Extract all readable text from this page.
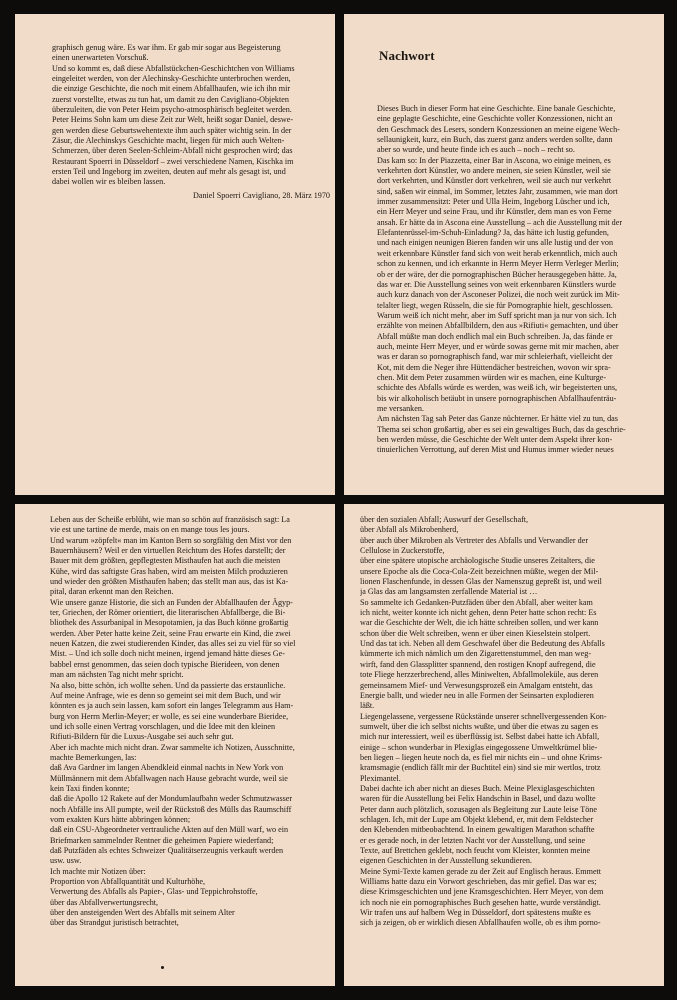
graphisch genug wäre. Es war ihm. Er gab mir sogar aus Begeisterung
einen unerwarteten Vorschuß.

Und so kommt es, daß diese Abfallstückchen-Geschichtchen von Williams
eingeleitet werden, von der Alechinsky-Geschichte unterbrochen werden,
die einzige Geschichte, die noch mit einem Abfallhaufen, wie ich ihn mir
zuerst vorstellte, etwas zu tun hat, um damit zu den Cavigliano-Objekten
überzuleiten, die von Peter Heim psycho-atmosphärisch begleitet werden.

Peter Heims Sohn kam um diese Zeit zur Welt, heißt sogar Daniel, deswe-
gen werden diese Geburtswehentexte ihm auch später wichtig sein. In der
Zäsur, die Alechinskys Geschichte macht, liegen für mich auch Welten-
Schmerzen, über deren Seelen-Schleim-Abfall nicht gesprochen wird; das
Restaurant Spoerri in Düsseldorf – zwei verschiedene Namen, Kischka im
ersten Teil und Ingeborg im zweiten, deuten auf mehr als gesagt ist, und
dabei wollen wir es bleiben lassen.

Daniel Spoerri Cavigliano, 28. März 1970
Nachwort

Dieses Buch in dieser Form hat eine Geschichte. Eine banale Geschichte,
eine geplagte Geschichte, eine Geschichte voller Konzessionen, nicht an
den Geschmack des Lesers, sondern Konzessionen an meine eigene Wech-
sellaunigkeit, kurz, ein Buch, das zuerst ganz anders werden sollte, dann
aber so wurde, und heute finde ich es auch – noch – recht so.

Das kam so: In der Piazzetta, einer Bar in Ascona, wo einige meinen, es
verkehrten dort Künstler, wo andere meinen, sie seien Künstler, weil sie
dort verkehrten, und Künstler dort verkehren, weil sie auch nur verkehrt
sind, saßen wir einmal, im Sommer, letztes Jahr, zusammen, wie man dort
immer zusammensitzt: Peter und Ulla Heim, Ingeborg Lüscher und ich,
ein Herr Meyer und seine Frau, und ihr Künstler, dem man es von Ferne
ansah. Er hätte da in Ascona eine Ausstellung – ach die Ausstellung mit der
Elefantenrüssel-im-Schuh-Einladung? Ja, das hätte ich lustig gefunden,
und nach einigen neunigen Bieren fanden wir uns alle lustig und der von
weit erkennbare Künstler fand sich von weit herab erkenntlich, mich auch
schon zu kennen, und ich erkannte in Herrn Meyer Herrn Verleger Merlin;
ob er der wäre, der die pornographischen Bücher herausgegeben hätte. Ja,
das war er. Die Ausstellung seines von weit erkennbaren Künstlers wurde
auch kurz danach von der Asconeser Polizei, die noch weit zurück im Mit-
telalter liegt, wegen Rüsseln, die sie für Pornographie hielt, geschlossen.
Warum weiß ich nicht mehr, aber im Suff spricht man ja nur von sich. Ich
erzählte von meinen Abfallbildern, den aus »Rifiuti« gemachten, und über
Abfall müßte man doch endlich mal ein Buch schreiben. Ja, das fände er
auch, meinte Herr Meyer, und er würde sowas gerne mit mir machen, aber
was er daran so pornographisch fand, war mir schleierhaft, vielleicht der
Kot, mit dem die Neger ihre Hüttendächer bestreichen, wovon wir spra-
chen. Mit dem Peter zusammen würden wir es machen, eine Kulturge-
schichte des Abfalls würde es werden, was weiß ich, wir begeisterten uns,
bis wir alkoholisch betäubt in unsere pornographischen Abfallhaufenträu-
me versanken.

Am nächsten Tag sah Peter das Ganze nüchterner. Er hätte viel zu tun, das
Thema sei schon großartig, aber es sei ein gewaltiges Buch, das da geschrie-
ben werden müsse, die Geschichte der Welt unter dem Aspekt ihrer kon-
tinuierlichen Verrottung, auf deren Mist und Humus immer wieder neues

Leben aus der Scheiße erblüht, wie man so schön auf französisch sagt: La
vie est une tartine de merde, mais on en mange tous les jours.

Und warum »zöpfelt« man im Kanton Bern so sorgfältig den Mist vor den
Bauernhäusern? Weil er den virtuellen Reichtum des Hofes darstellt; der
Bauer mit dem größten, gepflegtesten Misthaufen hat auch die meisten
Kühe, wird das saftigste Gras haben, wird am meisten Milch produzieren
und wieder den größten Misthaufen haben; das stellt man aus, das ist Ka-
pital, daran erkennt man den Reichen.

Wie unsere ganze Historie, die sich an Funden der Abfallhaufen der Ägyp-
ter, Griechen, der Römer orientiert, die literarischen Abfallberge, die Bi-
bliothek des Assurbanipal in Mesopotamien, ja das Buch könne großartig
werden. Aber Peter hatte keine Zeit, seine Frau erwarte ein Kind, die zwei
neuen Katzen, die zwei studierenden Kinder, das alles sei zu viel für so viel
Mist. – Und ich solle doch nicht meinen, irgend jemand hätte dieses Ge-
babbel ernst genommen, das seien doch typische Bierideen, von denen
man am nächsten Tag nicht mehr spricht.

Na also, bitte schön, ich wollte sehen. Und da passierte das erstaunliche.
Auf meine Anfrage, wie es denn so gemeint sei mit dem Buch, und wir
könnten es ja auch sein lassen, kam sofort ein langes Telegramm aus Ham-
burg von Herrn Merlin-Meyer; er wolle, es sei eine wunderbare Bieridee,
und ich solle einen Vertrag vorschlagen, und die Idee mit den kleinen
Rifiuti-Bildern für die Luxus-Ausgabe sei auch sehr gut.

Aber ich machte mich nicht dran. Zwar sammelte ich Notizen, Ausschnitte,
machte Bemerkungen, las:

daß Ava Gardner im langen Abendkleid einmal nachts in New York von
Müllmännern mit dem Abfallwagen nach Hause gebracht wurde, weil sie
kein Taxi finden konnte;

daß die Apollo 12 Rakete auf der Mondumlaufbahn weder Schmutzwasser
noch Abfälle ins All pumpte, weil der Rückstoß des Mülls das Raumschiff
vom exakten Kurs hätte abbringen können;

daß ein CSU-Abgeordneter vertrauliche Akten auf den Müll warf, wo ein
Briefmarken sammelnder Rentner die geheimen Papiere wiederfand;

daß Putzfäden als echtes Schweizer Qualitätserzeugnis verkauft werden
usw. usw.

Ich machte mir Notizen über:
Proportion von Abfallquantität und Kulturhöhe,
Verwertung des Abfalls als Papier-, Glas- und Teppichrohstoffe,
über das Abfallverwertungsrecht,
über den ansteigenden Wert des Abfalls mit seinem Alter
über das Strandgut juristisch betrachtet,

über den sozialen Abfall; Auswurf der Gesellschaft,
über Abfall als Mikrobenherd,
über auch über Mikroben als Vertreter des Abfalls und Verwandler der
Cellulose in Zuckerstoffe,
über eine spätere utopische archäologische Studie unseres Zeitalters, die
unsere Epoche als die Coca-Cola-Zeit bezeichnen müßte, wegen der Mil-
lionen Flaschenfunde, in dessen Glas der Namenszug geprеßt ist, und weil
ja Glas das am langsamsten zerfallende Material ist …

So sammelte ich Gedanken-Putzfäden über den Abfall, aber weiter kam
ich nicht, weiter konnte ich nicht gehen, denn Peter hatte schon recht: Es
war die Geschichte der Welt, die ich hätte schreiben sollen, und wer kann
schon über die Welt schreiben, wenn er über einen Kieselstein stolpert.

Und das tat ich. Neben all dem Geschwafel über die Bedeutung des Abfalls
kümmerte ich mich nämlich um den Zigarettenstummel, den man weg-
wirft, fand den Glassplitter spannend, den rostigen Knopf aufregend, die
tote Fliege herzzerbrechend, alles Miniwelten, Abfallmoleküle, aus deren
gemeinsamem Mief- und Verwesungsprozeß ein Amalgam entsteht, das
Energie ballt, und wieder neu in alle Formen der Seinsarten explodieren
läßt.

Liegengelassene, vergessene Rückstände unserer schnellvergessenden Kon-
sumwelt, über die ich selbst nichts wußte, und über die etwas zu sagen es
mich nur interessiert, weil es überflüssig ist. Selbst dabei hatte ich Abfall,
einige – schon wunderbar in Plexiglas eingegossene Umweltkrümel blie-
ben liegen – liegen heute noch da, es fiel mir nichts ein – und ohne Krims-
kramsmagie (endlich fällt mir der Buchtitel ein) sind sie mir wertlos, trotz
Pleximantel.

Dabei dachte ich aber nicht an dieses Buch. Meine Plexiglasgeschichten
waren für die Ausstellung bei Felix Handschin in Basel, und dazu wollte
Peter dann auch plötzlich, sozusagen als Begleitung zur Laute leise Töne
schlagen. Ich, mit der Lupe am Objekt klebend, er, mit dem Feldstecher
den Klebenden mitbeobachtend. In einem gewaltigen Marathon schaffte
er es gerade noch, in der letzten Nacht vor der Ausstellung, und seine
Texte, auf Brettchen geklebt, noch feucht vom Kleister, konnten meine
eigenen Geschichten in der Ausstellung sekundieren.

Meine Symi-Texte kamen gerade zu der Zeit auf Englisch heraus. Emmett
Williams hatte dazu ein Vorwort geschrieben, das mir gefiel. Das war es;
diese Krimsgeschichten und jene Kramsgeschichten. Herr Meyer, von dem
ich noch nie ein pornographisches Buch gesehen hatte, wurde verständigt.
Wir trafen uns auf halbem Weg in Düsseldorf, dort spätestens mußte es
sich ja zeigen, ob er wirklich diesen Abfallhaufen wolle, ob es ihm porno-
